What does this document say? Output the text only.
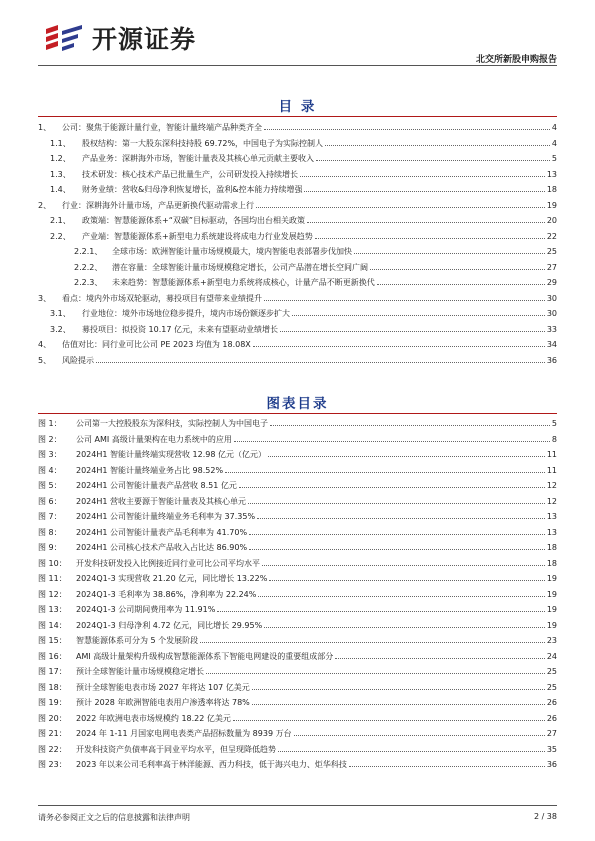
开源证券
北交所新股申购报告
目 录
1、 公司：聚焦于能源计量行业，智能计量终端产品种类齐全	4
1.1、 股权结构：第一大股东深科技持股 69.72%，中国电子为实际控制人	4
1.2、 产品业务：深耕海外市场，智能计量表及其核心单元贡献主要收入	5
1.3、 技术研发：核心技术产品已批量生产，公司研发投入持续增长	13
1.4、 财务业绩：营收&归母净利恢复增长，盈利&控本能力持续增强	18
2、 行业：深耕海外计量市场，产品更新换代驱动需求上行	19
2.1、 政策端：智慧能源体系+“双碳”目标驱动，各国均出台相关政策	20
2.2、 产业端：智慧能源体系+新型电力系统建设将成电力行业发展趋势	22
2.2.1、 全球市场：欧洲智能计量市场规模最大，境内智能电表部署步伐加快	25
2.2.2、 潜在容量：全球智能计量市场规模稳定增长，公司产品潜在增长空间广阔	27
2.2.3、 未来趋势：智慧能源体系+新型电力系统将成核心，计量产品不断更新换代	29
3、 看点：境内外市场双轮驱动，募投项目有望带来业绩提升	30
3.1、 行业地位：境外市场地位稳步提升，境内市场份额逐步扩大	30
3.2、 募投项目：拟投资 10.17 亿元，未来有望驱动业绩增长	33
4、 估值对比：同行业可比公司 PE 2023 均值为 18.08X	34
5、 风险提示	36
图表目录
图 1： 公司第一大控股股东为深科技，实际控制人为中国电子	5
图 2： 公司 AMI 高级计量架构在电力系统中的应用	8
图 3： 2024H1 智能计量终端实现营收 12.98 亿元（亿元）	11
图 4： 2024H1 智能计量终端业务占比 98.52%	11
图 5： 2024H1 公司智能计量表产品营收 8.51 亿元	12
图 6： 2024H1 营收主要源于智能计量表及其核心单元	12
图 7： 2024H1 公司智能计量终端业务毛利率为 37.35%	13
图 8： 2024H1 公司智能计量表产品毛利率为 41.70%	13
图 9： 2024H1 公司核心技术产品收入占比达 86.90%	18
图 10： 开发科技研发投入比例接近同行业可比公司平均水平	18
图 11： 2024Q1-3 实现营收 21.20 亿元，同比增长 13.22%	19
图 12： 2024Q1-3 毛利率为 38.86%，净利率为 22.24%	19
图 13： 2024Q1-3 公司期间费用率为 11.91%	19
图 14： 2024Q1-3 归母净利 4.72 亿元，同比增长 29.95%	19
图 15： 智慧能源体系可分为 5 个发展阶段	23
图 16： AMI 高级计量架构升级构成智慧能源体系下智能电网建设的重要组成部分	24
图 17： 预计全球智能计量市场规模稳定增长	25
图 18： 预计全球智能电表市场 2027 年将达 107 亿美元	25
图 19： 预计 2028 年欧洲智能电表用户渗透率将达 78%	26
图 20： 2022 年欧洲电表市场规模约 18.22 亿美元	26
图 21： 2024 年 1-11 月国家电网电表类产品招标数量为 8939 万台	27
图 22： 开发科技资产负债率高于同业平均水平，但呈现降低趋势	35
图 23： 2023 年以来公司毛利率高于林洋能源、西力科技，低于海兴电力、炬华科技	36
请务必参阅正文之后的信息披露和法律声明	2 / 38
